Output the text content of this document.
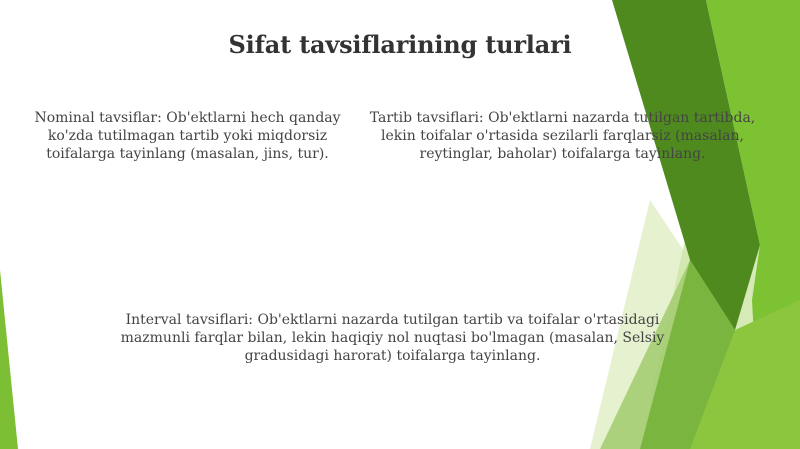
Sifat tavsiflarining turlari
Nominal tavsiflar: Ob'ektlarni hech qanday ko'zda tutilmagan tartib yoki miqdorsiz toifalarga tayinlang (masalan, jins, tur).
Tartib tavsiflari: Ob'ektlarni nazarda tutilgan tartibda, lekin toifalar o'rtasida sezilarli farqlarsiz (masalan, reytinglar, baholar) toifalarga tayinlang.
Interval tavsiflari: Ob'ektlarni nazarda tutilgan tartib va toifalar o'rtasidagi mazmunli farqlar bilan, lekin haqiqiy nol nuqtasi bo'lmagan (masalan, Selsiy gradusidagi harorat) toifalarga tayinlang.
